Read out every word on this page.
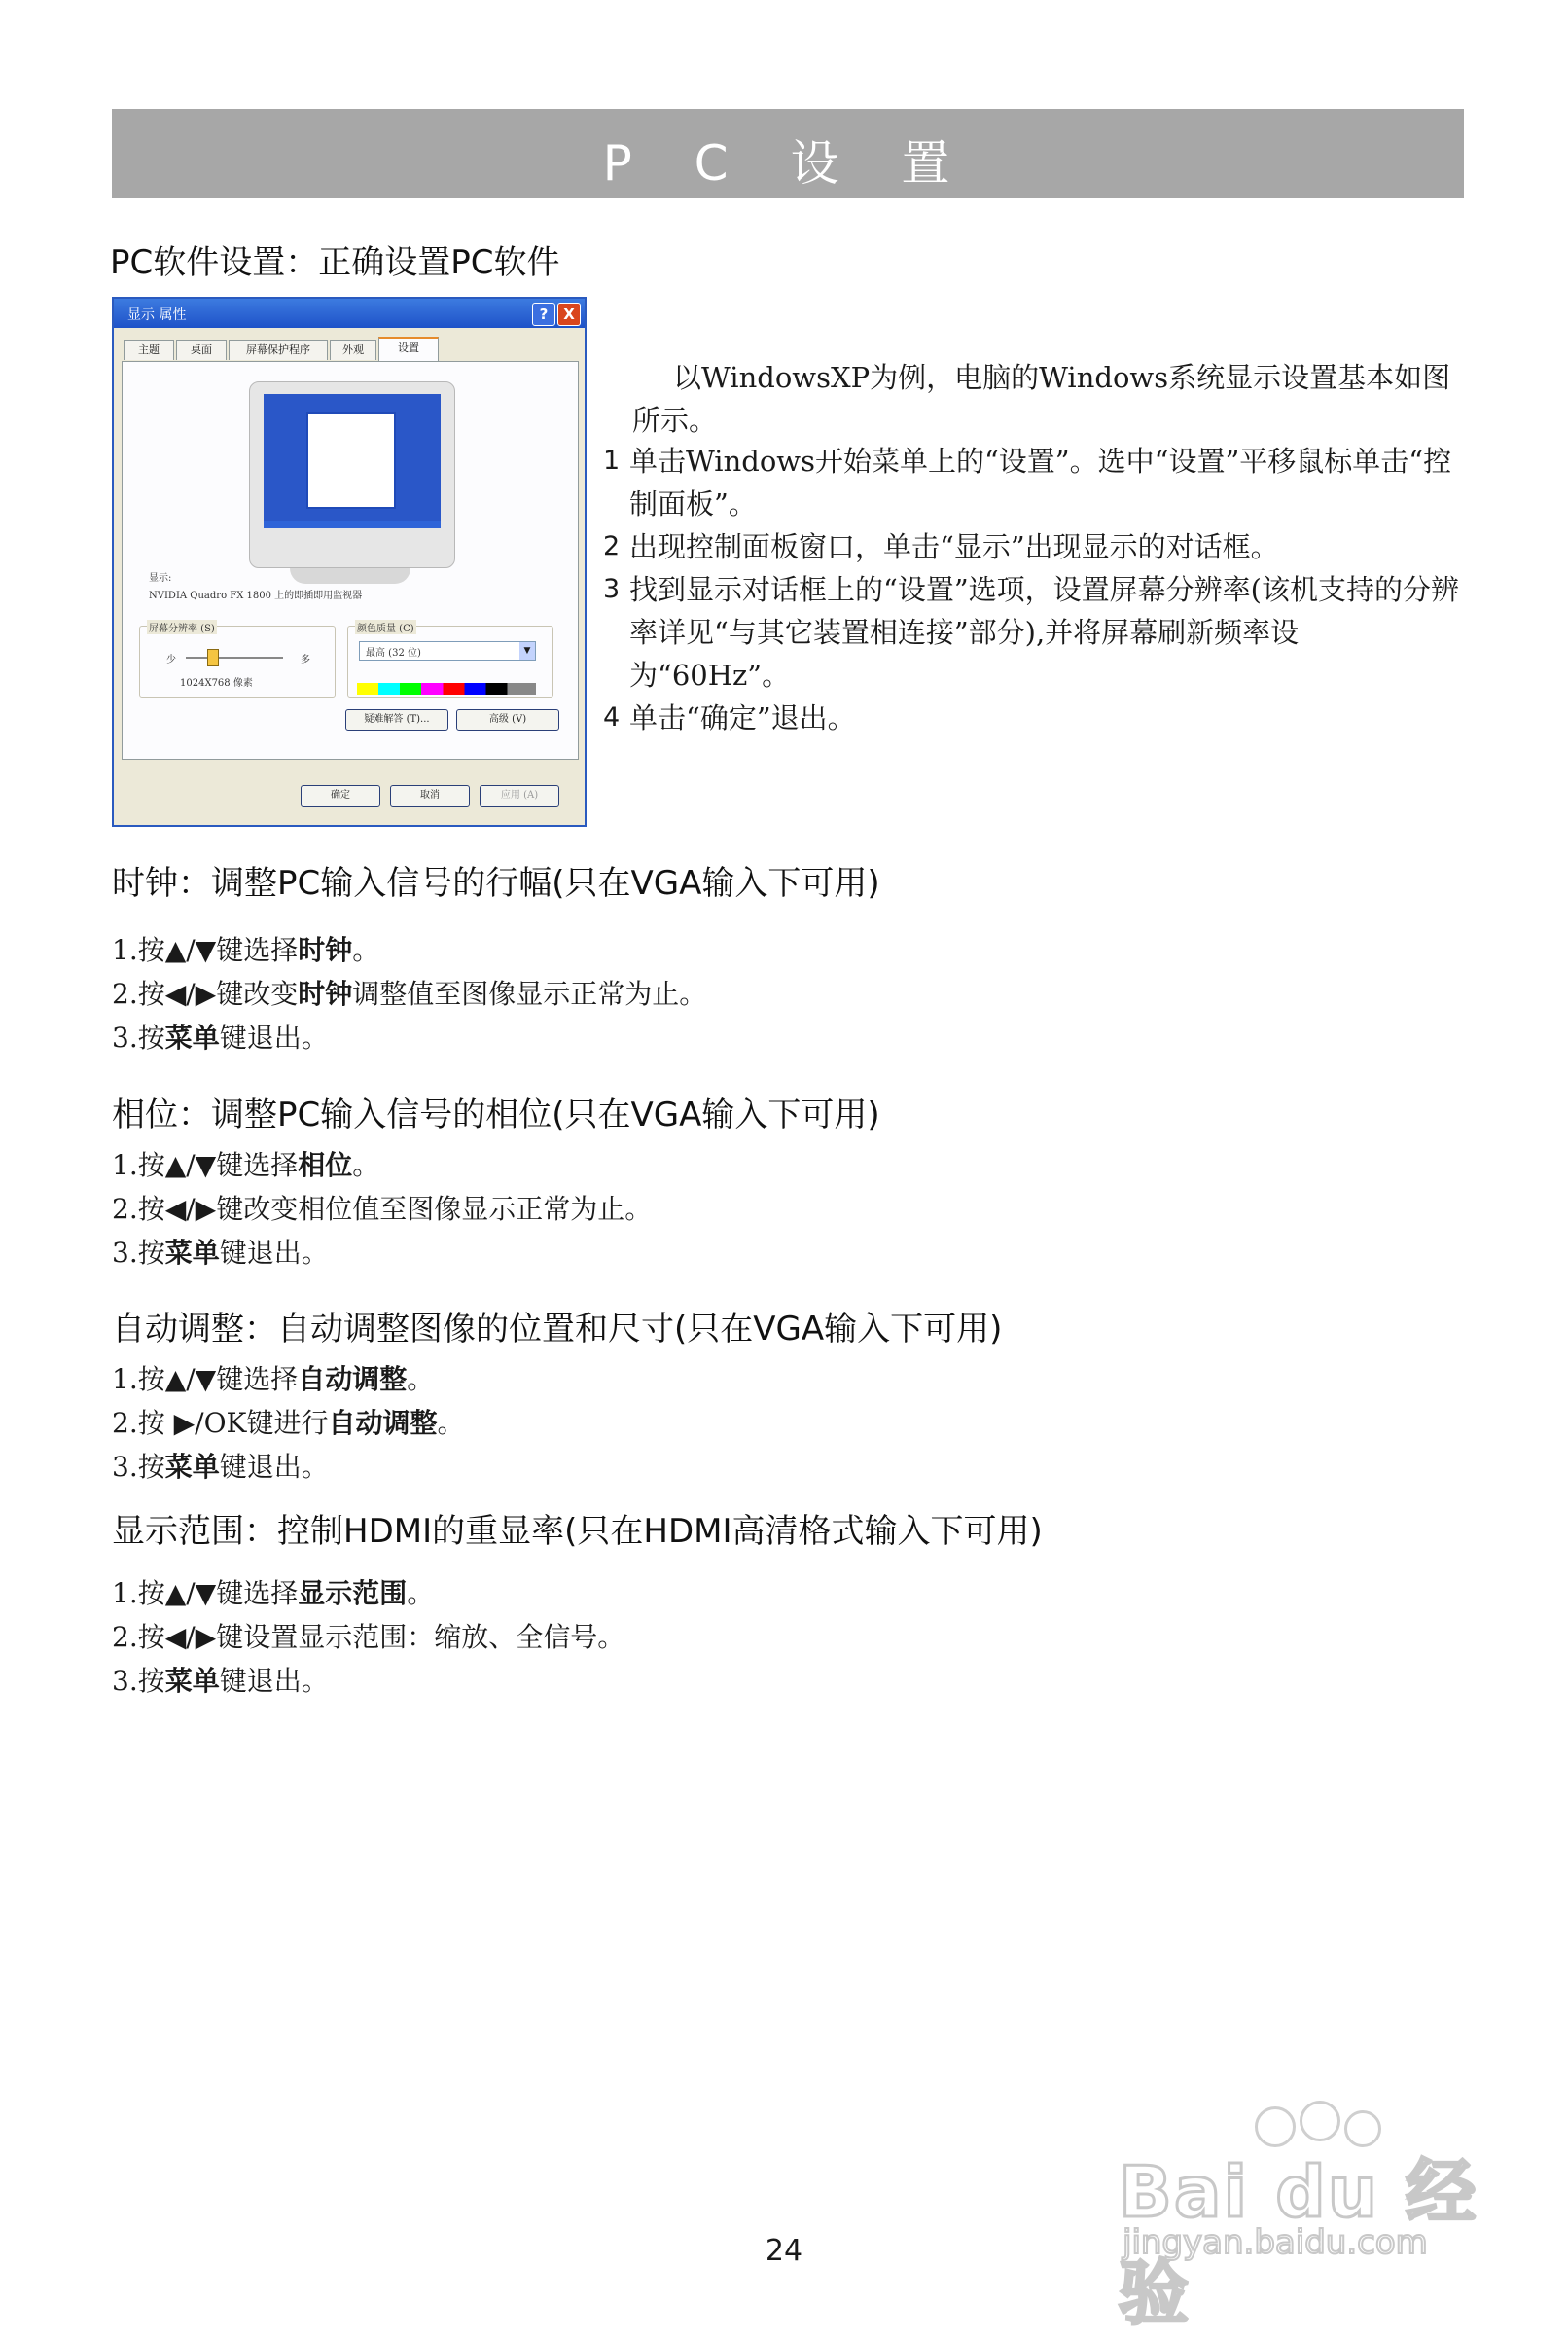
P C 设 置
PC软件设置：正确设置PC软件
显示 属性	?	X
主题	桌面	屏幕保护程序	外观	设置
显示:
NVIDIA Quadro FX 1800 上的即插即用监视器
屏幕分辨率 (S)
少	多
1024X768 像素
颜色质量 (C)
最高 (32 位)	▼
疑难解答 (T)...	高级 (V)
确定	取消	应用 (A)
以WindowsXP为例，电脑的Windows系统显示设置基本如图所示。
1 单击Windows开始菜单上的“设置”。选中“设置”平移鼠标单击“控制面板”。
2 出现控制面板窗口，单击“显示”出现显示的对话框。
3 找到显示对话框上的“设置”选项，设置屏幕分辨率(该机支持的分辨率详见“与其它装置相连接”部分),并将屏幕刷新频率设为“60Hz”。
4 单击“确定”退出。
时钟：调整PC输入信号的行幅(只在VGA输入下可用)
1.按▲/▼键选择时钟。
2.按◀/▶键改变时钟调整值至图像显示正常为止。
3.按菜单键退出。
相位：调整PC输入信号的相位(只在VGA输入下可用)
1.按▲/▼键选择相位。
2.按◀/▶键改变相位值至图像显示正常为止。
3.按菜单键退出。
自动调整：自动调整图像的位置和尺寸(只在VGA输入下可用)
1.按▲/▼键选择自动调整。
2.按 ▶/OK键进行自动调整。
3.按菜单键退出。
显示范围：控制HDMI的重显率(只在HDMI高清格式输入下可用)
1.按▲/▼键选择显示范围。
2.按◀/▶键设置显示范围：缩放、全信号。
3.按菜单键退出。
Bai du 经验
jingyan.baidu.com
24
